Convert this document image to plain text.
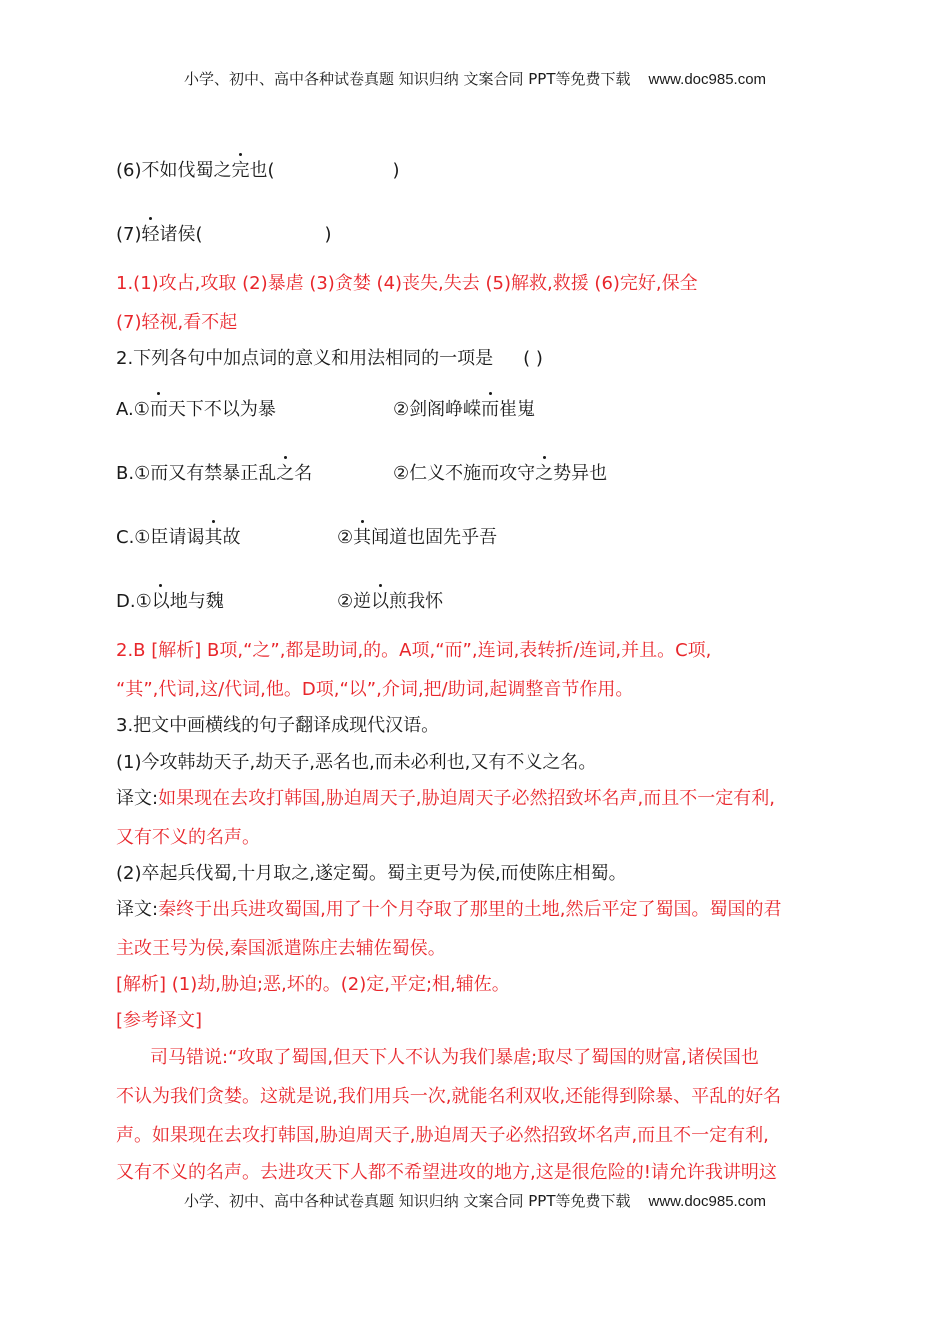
小学、初中、高中各种试卷真题 知识归纳 文案合同 PPT等免费下载 www.doc985.com
(6)不如伐蜀之完也(	)
(7)轻诸侯(	)
1.(1)攻占,攻取 (2)暴虐 (3)贪婪 (4)丧失,失去 (5)解救,救援 (6)完好,保全
(7)轻视,看不起
2.下列各句中加点词的意义和用法相同的一项是 ( )
A.①而天下不以为暴	②剑阁峥嵘而崔嵬
B.①而又有禁暴正乱之名	②仁义不施而攻守之势异也
C.①臣请谒其故	②其闻道也固先乎吾
D.①以地与魏	②逆以煎我怀
2.B [解析] B项,“之”,都是助词,的。A项,“而”,连词,表转折/连词,并且。C项,
“其”,代词,这/代词,他。D项,“以”,介词,把/助词,起调整音节作用。
3.把文中画横线的句子翻译成现代汉语。
(1)今攻韩劫天子,劫天子,恶名也,而未必利也,又有不义之名。
译文:如果现在去攻打韩国,胁迫周天子,胁迫周天子必然招致坏名声,而且不一定有利,
又有不义的名声。
(2)卒起兵伐蜀,十月取之,遂定蜀。蜀主更号为侯,而使陈庄相蜀。
译文:秦终于出兵进攻蜀国,用了十个月夺取了那里的土地,然后平定了蜀国。蜀国的君
主改王号为侯,秦国派遣陈庄去辅佐蜀侯。
[解析] (1)劫,胁迫;恶,坏的。(2)定,平定;相,辅佐。
[参考译文]
司马错说:“攻取了蜀国,但天下人不认为我们暴虐;取尽了蜀国的财富,诸侯国也
不认为我们贪婪。这就是说,我们用兵一次,就能名利双收,还能得到除暴、平乱的好名
声。如果现在去攻打韩国,胁迫周天子,胁迫周天子必然招致坏名声,而且不一定有利,
又有不义的名声。去进攻天下人都不希望进攻的地方,这是很危险的!请允许我讲明这
小学、初中、高中各种试卷真题 知识归纳 文案合同 PPT等免费下载 www.doc985.com
